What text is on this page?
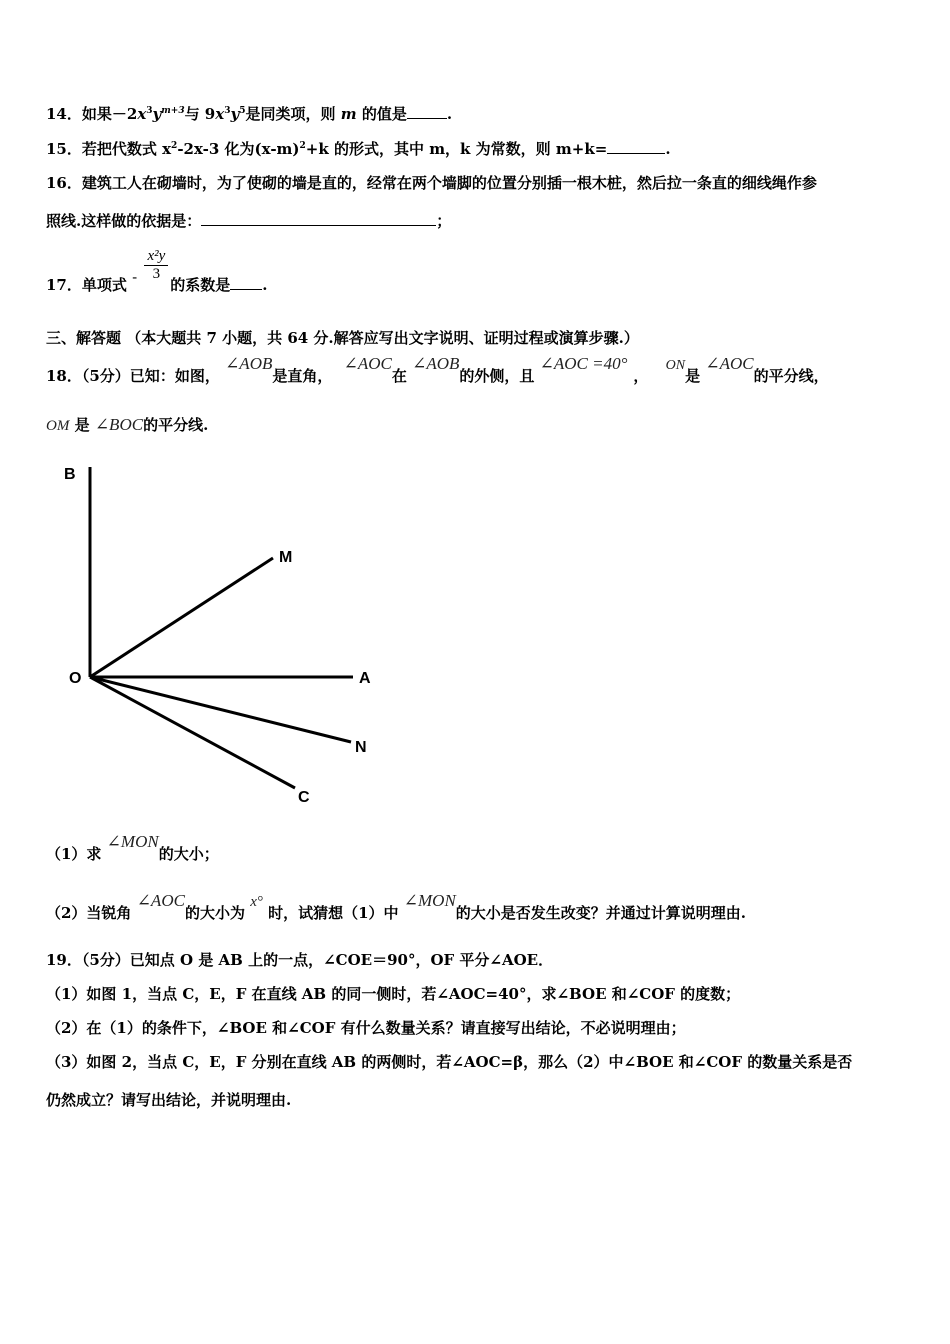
14．如果$-2x^3y^{m+3}$与 $9x^3y^5$是同类项，则 m 的值是	.
15．若把代数式 $x^2-2x-3$ 化为$(x-m)^2+k$ 的形式，其中 m，k 为常数，则 m+k=	.
16．建筑工人在砌墙时，为了使砌的墙是直的，经常在两个墙脚的位置分别插一根木桩，然后拉一条直的细线绳作参
照线.这样做的依据是：	；
17．单项式 - $\frac{\text{x²y}}{3}$
的系数是 .
三、解答题 （本大题共 7 小题，共 64 分.解答应写出文字说明、证明过程或演算步骤.）
18．（5分）已知：如图， ∠AOB是直角， ∠AOC在 ∠AOB的外侧，且 ∠AOC =40°， ON是 ∠AOC的平分线，
OM 是 ∠BOC的平分线.
B
M
O	A
N
C
（1）求 ∠MON的大小；
（2）当锐角 ∠AOC的大小为 x° 时，试猜想（1）中 ∠MON的大小是否发生改变？并通过计算说明理由.
19．（5分）已知点 O 是 AB 上的一点，∠COE＝90°，OF 平分∠AOE．
（1）如图 1，当点 C，E，F 在直线 AB 的同一侧时，若∠AOC=40°，求∠BOE 和∠COF 的度数；
（2）在（1）的条件下，∠BOE 和∠COF 有什么数量关系？请直接写出结论，不必说明理由；
（3）如图 2，当点 C，E，F 分别在直线 AB 的两侧时，若∠AOC=β，那么（2）中∠BOE 和∠COF 的数量关系是否
仍然成立？请写出结论，并说明理由.
